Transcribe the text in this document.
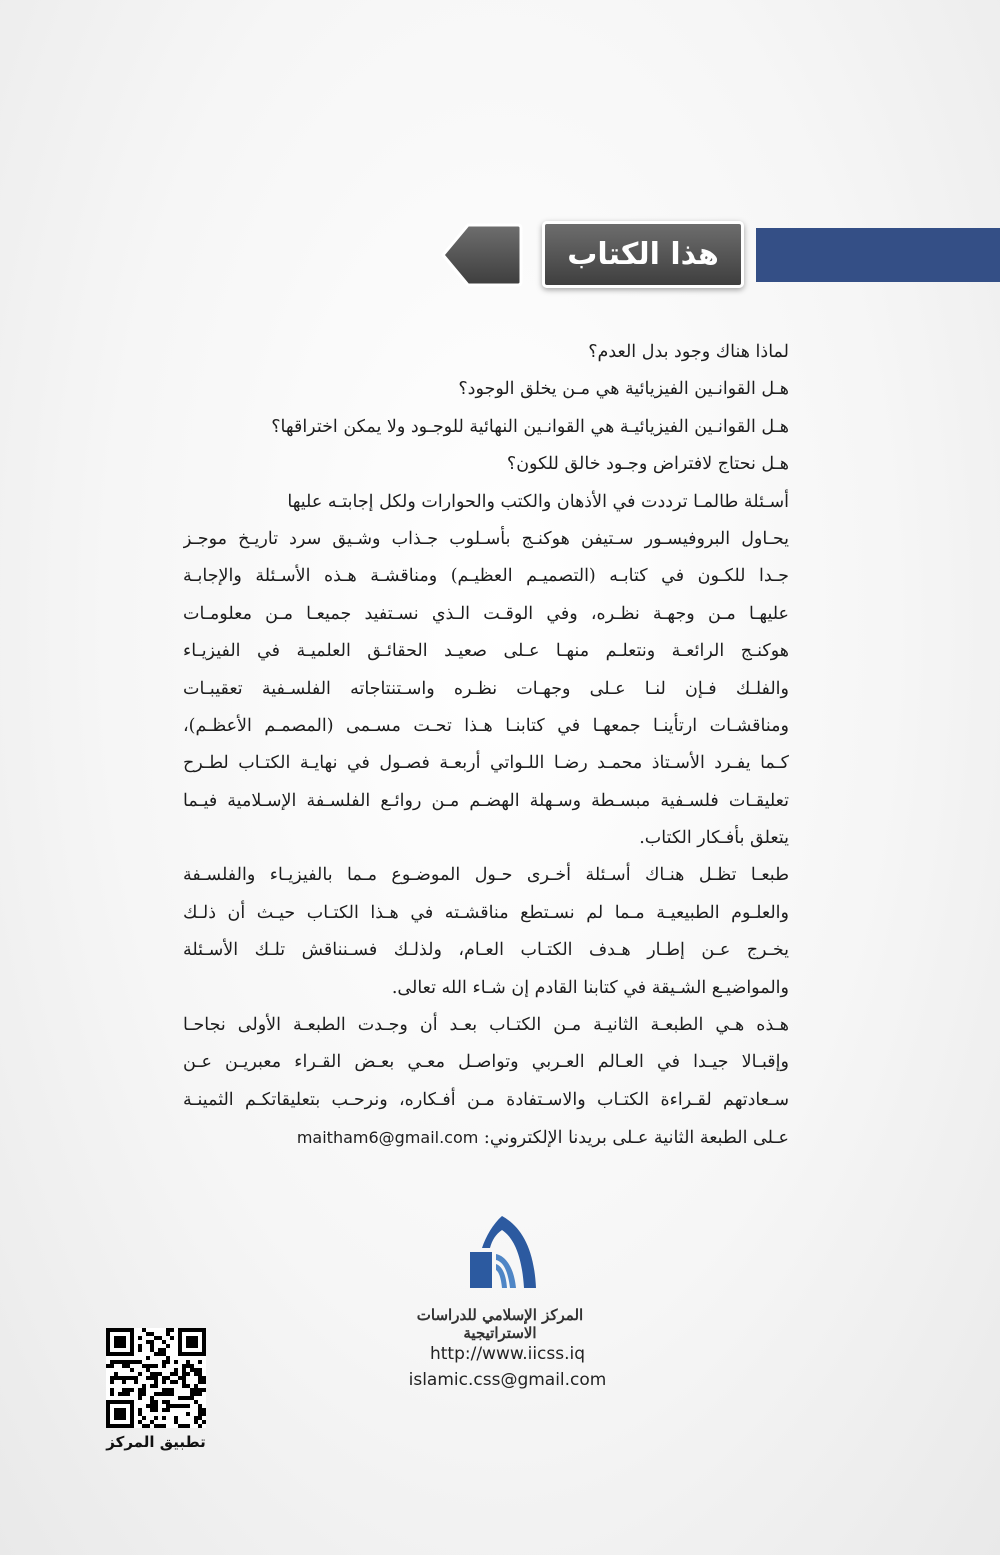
هذا الكتاب
لماذا هناك وجود بدل العدم؟
هـل القوانـين الفيزيائية هي مـن يخلق الوجود؟
هـل القوانـين الفيزيائيـة هي القوانـين النهائية للوجـود ولا يمكن اختراقها؟
هـل نحتاج لافتراض وجـود خالق للكون؟
أسـئلة طالمـا ترددت في الأذهان والكتب والحوارات ولكل إجابتـه عليها
يحـاول البروفيسـور سـتيفن هوكنـج بأسـلوب جـذاب وشـيق سرد تاريـخ موجـز
جـدا للكـون في كتابـه (التصميـم العظيـم) ومناقشـة هـذه الأسـئلة والإجابـة
عليهـا مـن وجهـة نظـره، وفي الوقـت الـذي نسـتفيد جميعـا مـن معلومـات
هوكنـج الرائعـة ونتعلـم منهـا عـلى صعيـد الحقائـق العلميـة في الفيزيـاء
والفلـك فـإن لنـا عـلى وجهـات نظـره واسـتنتاجاته الفلسـفية تعقيبـات
ومناقشـات ارتأينـا جمعهـا في كتابنـا هـذا تحـت مسـمى (المصمـم الأعظـم)،
كـما يفـرد الأسـتاذ محمـد رضـا اللـواتي أربعـة فصـول في نهايـة الكتـاب لطـرح
تعليقـات فلسـفية مبسـطة وسـهلة الهضـم مـن روائـع الفلسـفة الإسـلامية فيـما
يتعلق بأفـكار الكتاب.
طبعـا تظـل هنـاك أسـئلة أخـرى حـول الموضـوع مـما بالفيزيـاء والفلسـفة
والعلـوم الطبيعيـة مـما لم نسـتطع مناقشـته في هـذا الكتـاب حيـث أن ذلـك
يخـرج عـن إطـار هـدف الكتـاب العـام، ولذلـك فسـنناقش تلـك الأسـئلة
والمواضيـع الشـيقة في كتابنا القادم إن شـاء الله تعالى.
هـذه هـي الطبعـة الثانيـة مـن الكتـاب بعـد أن وجـدت الطبعـة الأولى نجاحـا
وإقبـالا جيـدا في العـالم العـربي وتواصـل معـي بعـض القـراء معبريـن عـن
سـعادتهم لقـراءة الكتـاب والاسـتفادة مـن أفـكاره، ونرحـب بتعليقاتكـم الثمينـة
عـلى الطبعة الثانية عـلى بريدنا الإلكتروني: maitham6@gmail.com
المركز الإسلامي للدراسات الاستراتيجية
http://www.iicss.iq
islamic.css@gmail.com
تطبيق المركز
